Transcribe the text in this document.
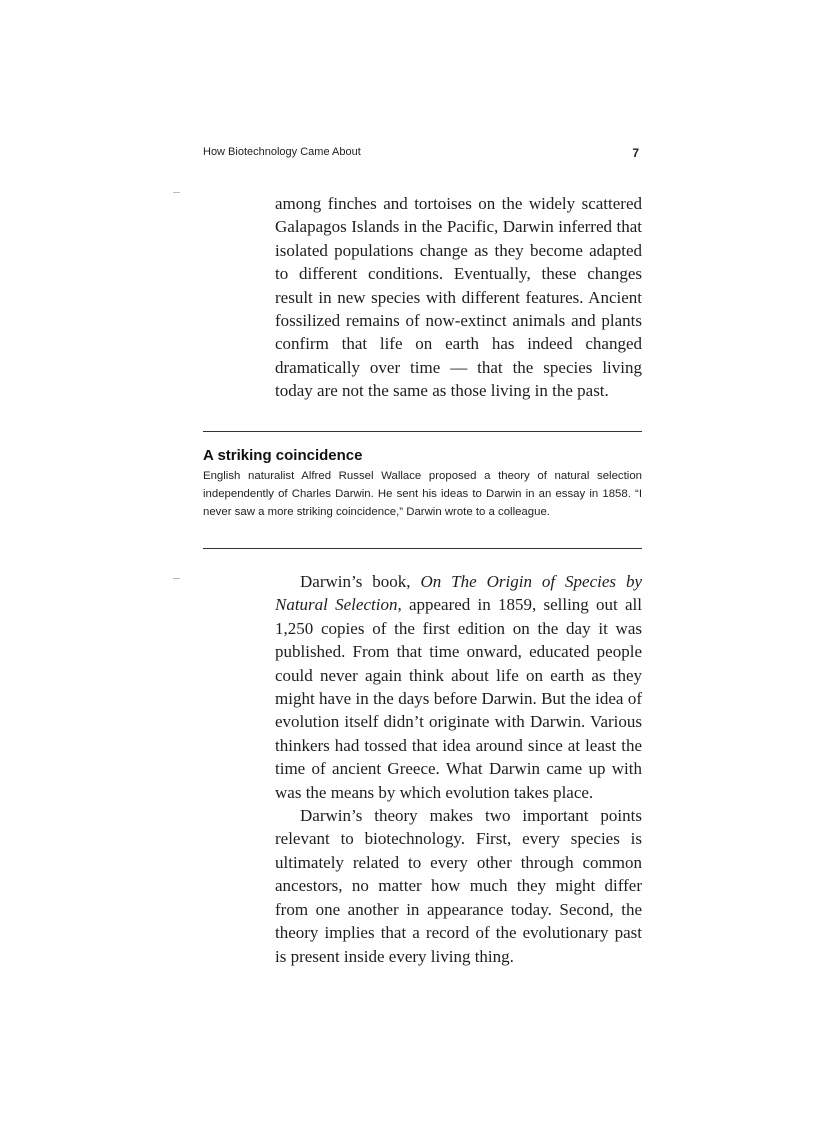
How Biotechnology Came About	7

among finches and tortoises on the widely scattered Galapagos Islands in the Pacific, Darwin inferred that isolated populations change as they become adapted to different conditions. Eventually, these changes result in new species with different features. Ancient fossilized remains of now-extinct animals and plants confirm that life on earth has indeed changed dramatically over time — that the species living today are not the same as those living in the past.

A striking coincidence

English naturalist Alfred Russel Wallace proposed a theory of natural selection independently of Charles Darwin. He sent his ideas to Darwin in an essay in 1858. “I never saw a more striking coincidence,” Darwin wrote to a colleague.

Darwin’s book, On The Origin of Species by Natural Selection, appeared in 1859, selling out all 1,250 copies of the first edition on the day it was published. From that time onward, educated people could never again think about life on earth as they might have in the days before Darwin. But the idea of evolution itself didn’t originate with Darwin. Various thinkers had tossed that idea around since at least the time of ancient Greece. What Darwin came up with was the means by which evolution takes place.

Darwin’s theory makes two important points relevant to biotechnology. First, every species is ultimately related to every other through common ancestors, no matter how much they might differ from one another in appearance today. Second, the theory implies that a record of the evolutionary past is present inside every living thing.
